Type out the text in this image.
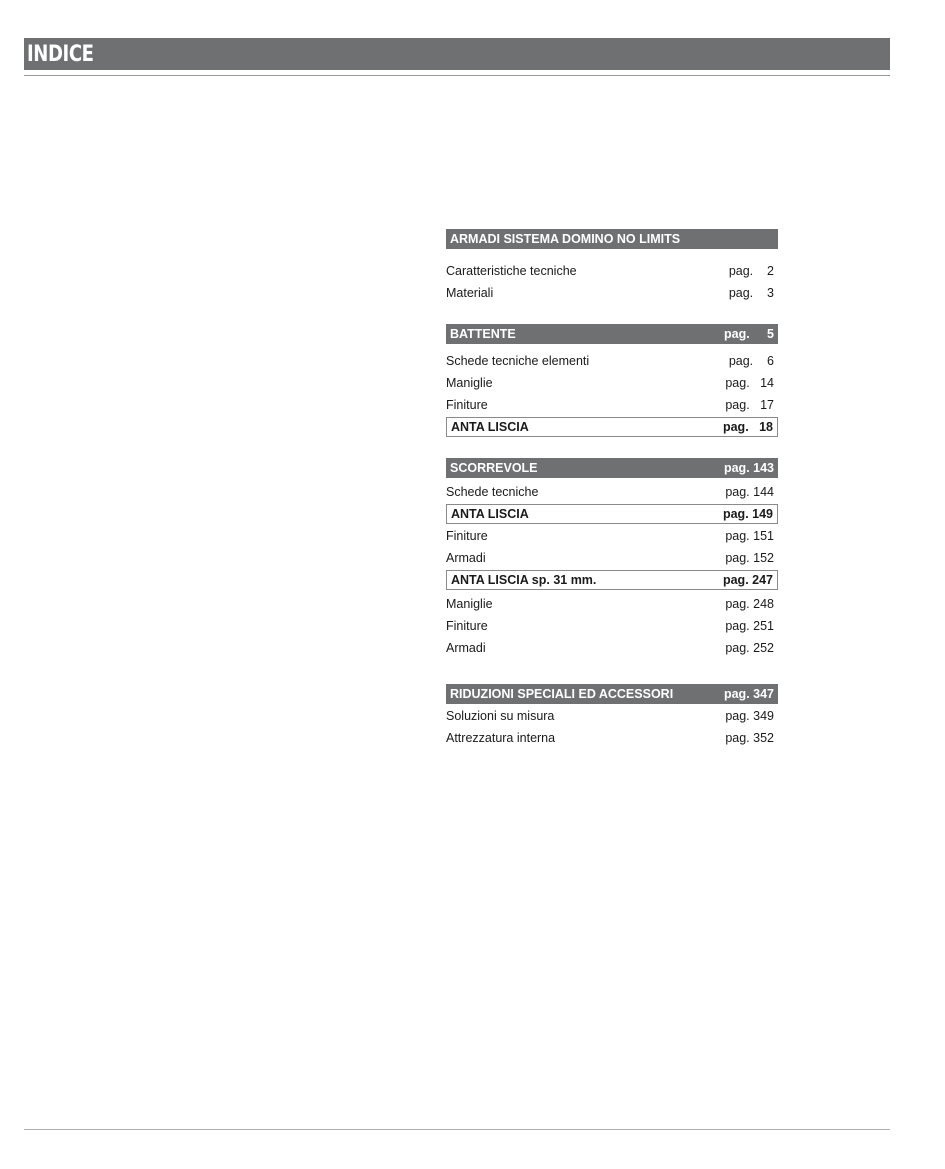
INDICE
ARMADI SISTEMA DOMINO NO LIMITS
Caratteristiche tecniche	pag.    2
Materiali	pag.    3
BATTENTE	pag.     5
Schede tecniche elementi	pag.    6
Maniglie	pag.   14
Finiture	pag.   17
ANTA LISCIA	pag.   18
SCORREVOLE	pag. 143
Schede tecniche	pag. 144
ANTA LISCIA	pag. 149
Finiture	pag. 151
Armadi	pag. 152
ANTA LISCIA sp. 31 mm.	pag. 247
Maniglie	pag. 248
Finiture	pag. 251
Armadi	pag. 252
RIDUZIONI SPECIALI ED ACCESSORI	pag. 347
Soluzioni su misura	pag. 349
Attrezzatura interna	pag. 352
